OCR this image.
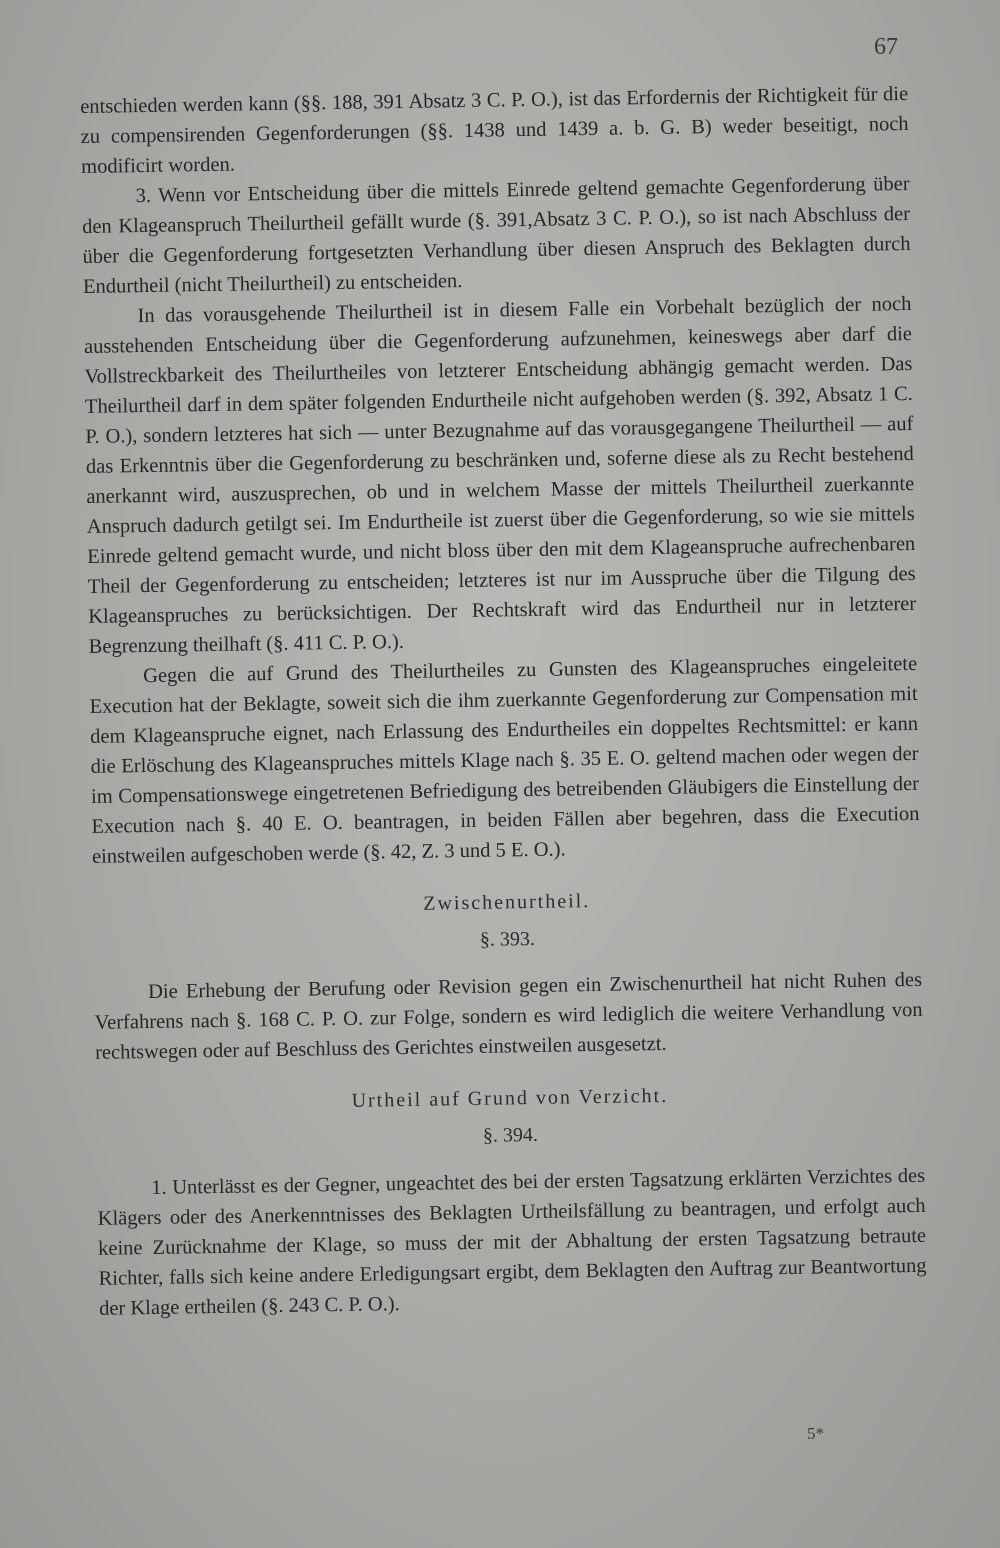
67

entschieden werden kann (§§. 188, 391 Absatz 3 C. P. O.), ist das Erfordernis der Richtigkeit für die zu compensirenden Gegenforderungen (§§. 1438 und 1439 a. b. G. B) weder beseitigt, noch modificirt worden.

3. Wenn vor Entscheidung über die mittels Einrede geltend gemachte Gegenforderung über den Klageanspruch Theilurtheil gefällt wurde (§. 391,Absatz 3 C. P. O.), so ist nach Abschluss der über die Gegenforderung fortgesetzten Verhandlung über diesen Anspruch des Beklagten durch Endurtheil (nicht Theilurtheil) zu entscheiden.

In das vorausgehende Theilurtheil ist in diesem Falle ein Vorbehalt bezüglich der noch ausstehenden Entscheidung über die Gegenforderung aufzunehmen, keineswegs aber darf die Vollstreckbarkeit des Theilurtheiles von letzterer Entscheidung abhängig gemacht werden. Das Theilurtheil darf in dem später folgenden Endurtheile nicht aufgehoben werden (§. 392, Absatz 1 C. P. O.), sondern letzteres hat sich — unter Bezugnahme auf das vorausgegangene Theilurtheil — auf das Erkenntnis über die Gegenforderung zu beschränken und, soferne diese als zu Recht bestehend anerkannt wird, auszusprechen, ob und in welchem Masse der mittels Theilurtheil zuerkannte Anspruch dadurch getilgt sei. Im Endurtheile ist zuerst über die Gegenforderung, so wie sie mittels Einrede geltend gemacht wurde, und nicht bloss über den mit dem Klageanspruche aufrechenbaren Theil der Gegenforderung zu entscheiden; letzteres ist nur im Ausspruche über die Tilgung des Klageanspruches zu berücksichtigen. Der Rechtskraft wird das Endurtheil nur in letzterer Begrenzung theilhaft (§. 411 C. P. O.).

Gegen die auf Grund des Theilurtheiles zu Gunsten des Klageanspruches eingeleitete Execution hat der Beklagte, soweit sich die ihm zuerkannte Gegenforderung zur Compensation mit dem Klageanspruche eignet, nach Erlassung des Endurtheiles ein doppeltes Rechtsmittel: er kann die Erlöschung des Klageanspruches mittels Klage nach §. 35 E. O. geltend machen oder wegen der im Compensationswege eingetretenen Befriedigung des betreibenden Gläubigers die Einstellung der Execution nach §. 40 E. O. beantragen, in beiden Fällen aber begehren, dass die Execution einstweilen aufgeschoben werde (§. 42, Z. 3 und 5 E. O.).

Zwischenurtheil.

§. 393.

Die Erhebung der Berufung oder Revision gegen ein Zwischenurtheil hat nicht Ruhen des Verfahrens nach §. 168 C. P. O. zur Folge, sondern es wird lediglich die weitere Verhandlung von rechtswegen oder auf Beschluss des Gerichtes einstweilen ausgesetzt.

Urtheil auf Grund von Verzicht.

§. 394.

1. Unterlässt es der Gegner, ungeachtet des bei der ersten Tagsatzung erklärten Verzichtes des Klägers oder des Anerkenntnisses des Beklagten Urtheilsfällung zu beantragen, und erfolgt auch keine Zurücknahme der Klage, so muss der mit der Abhaltung der ersten Tagsatzung betraute Richter, falls sich keine andere Erledigungsart ergibt, dem Beklagten den Auftrag zur Beantwortung der Klage ertheilen (§. 243 C. P. O.).

5*
